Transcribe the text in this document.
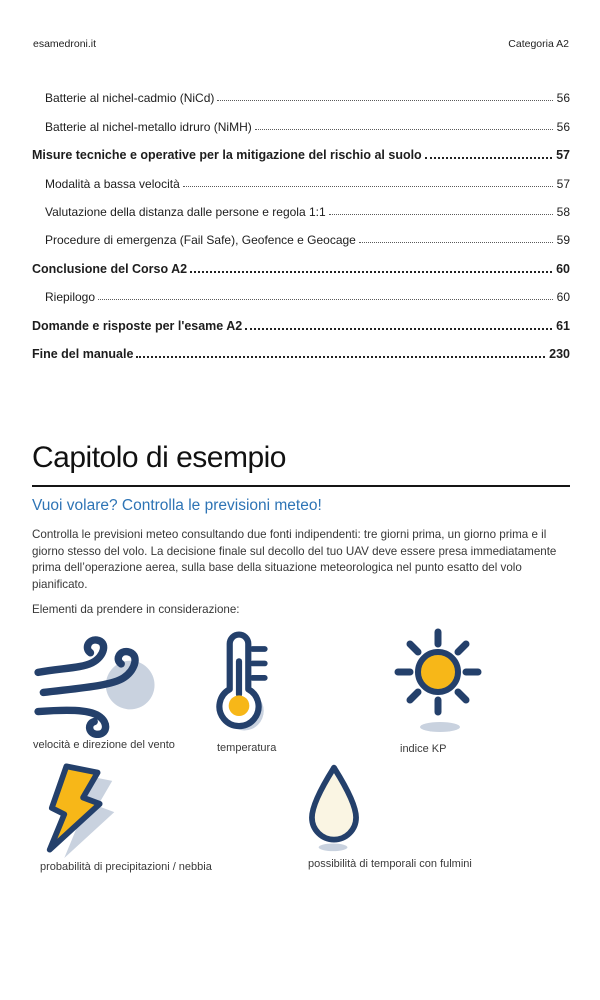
esamedroni.it	Categoria A2
Batterie al nichel-cadmio (NiCd)	56
Batterie al nichel-metallo idruro (NiMH)	56
Misure tecniche e operative per la mitigazione del rischio al suolo	57
Modalità a bassa velocità	57
Valutazione della distanza dalle persone e regola 1:1	58
Procedure di emergenza (Fail Safe), Geofence e Geocage	59
Conclusione del Corso A2	60
Riepilogo	60
Domande e risposte per l'esame A2	61
Fine del manuale	230
Capitolo di esempio
Vuoi volare? Controlla le previsioni meteo!

Controlla le previsioni meteo consultando due fonti indipendenti: tre giorni prima, un giorno prima e il giorno stesso del volo. La decisione finale sul decollo del tuo UAV deve essere presa immediatamente prima dell’operazione aerea, sulla base della situazione meteorologica nel punto esatto del volo pianificato.

Elementi da prendere in considerazione:

velocità e direzione del vento	temperatura	indice KP
probabilità di precipitazioni / nebbia	possibilità di temporali con fulmini
